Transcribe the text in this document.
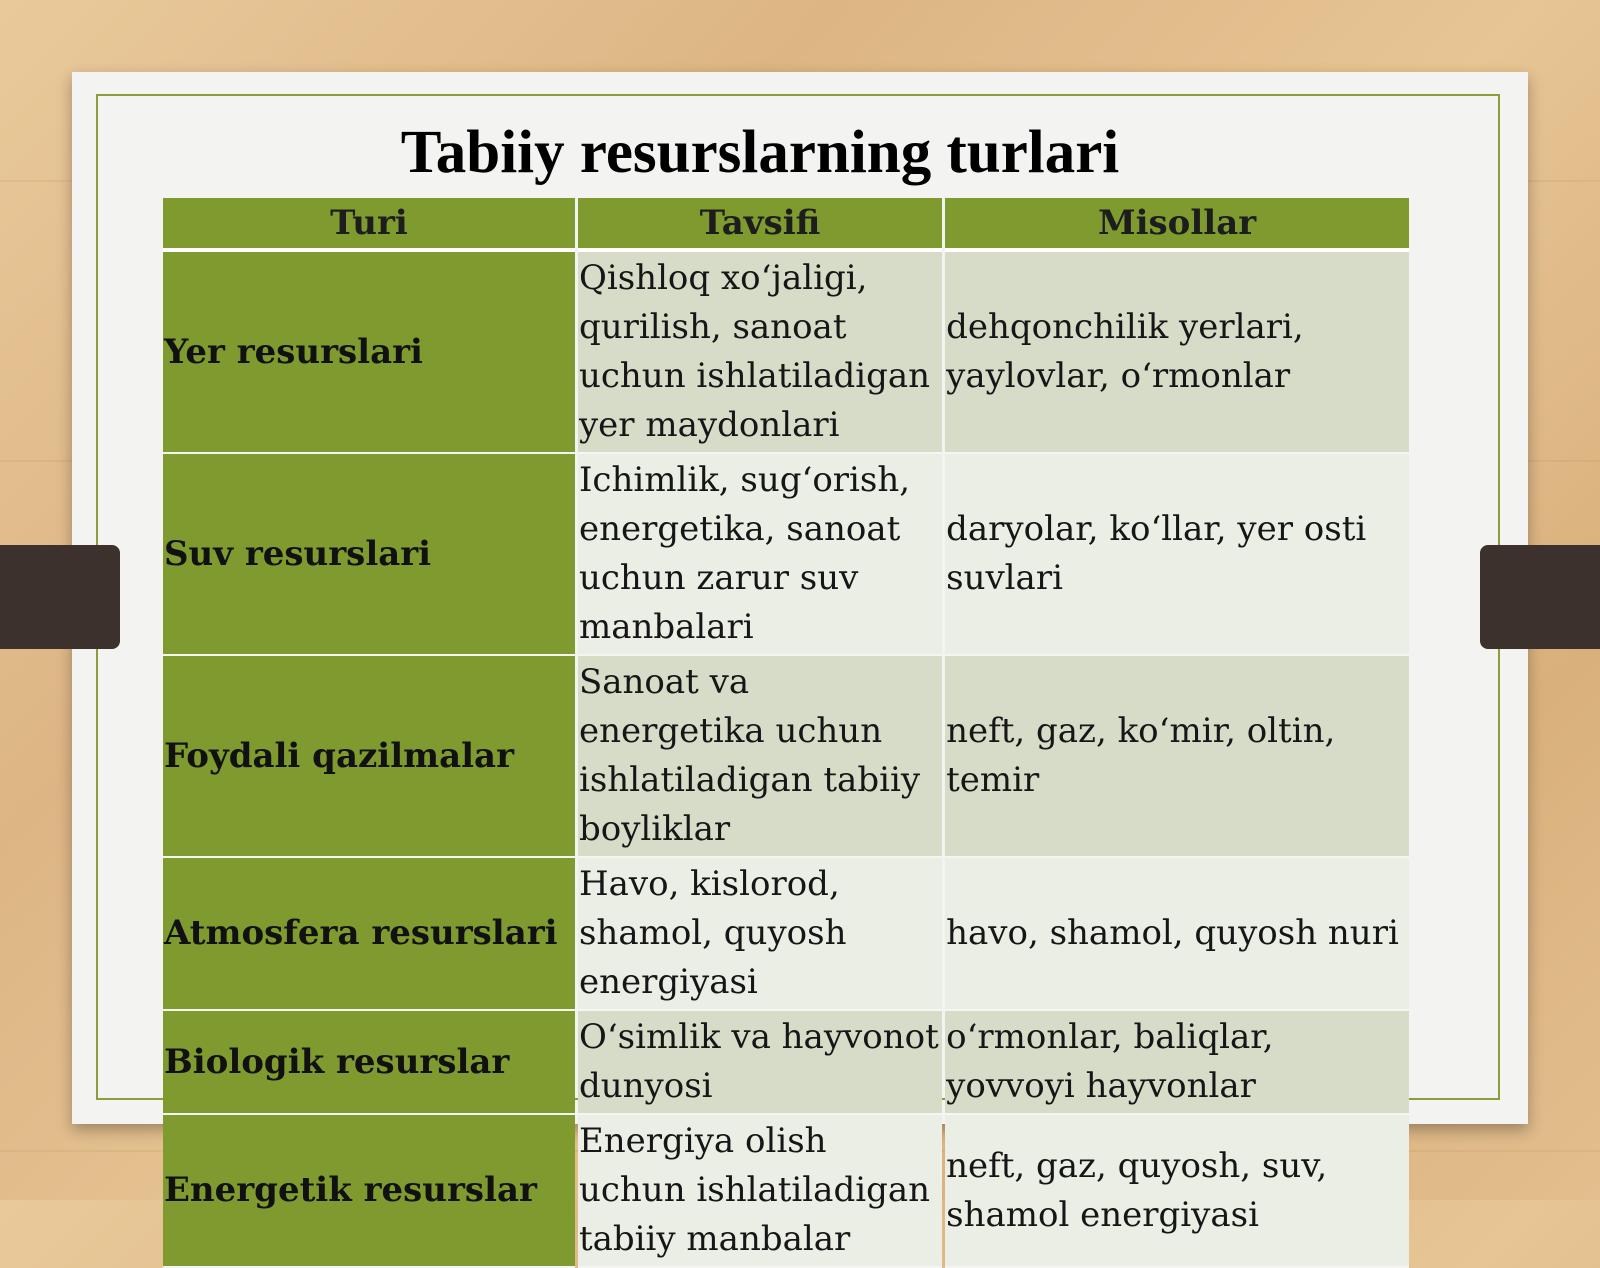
Tabiiy resurslarning turlari
Turi	Tavsifi	Misollar
Yer resurslari	Qishloq xo‘jaligi, qurilish, sanoat uchun ishlatiladigan yer maydonlari	dehqonchilik yerlari, yaylovlar, o‘rmonlar
Suv resurslari	Ichimlik, sug‘orish, energetika, sanoat uchun zarur suv manbalari	daryolar, ko‘llar, yer osti suvlari
Foydali qazilmalar	Sanoat va energetika uchun ishlatiladigan tabiiy boyliklar	neft, gaz, ko‘mir, oltin, temir
Atmosfera resurslari	Havo, kislorod, shamol, quyosh energiyasi	havo, shamol, quyosh nuri
Biologik resurslar	O‘simlik va hayvonot dunyosi	o‘rmonlar, baliqlar, yovvoyi hayvonlar
Energetik resurslar	Energiya olish uchun ishlatiladigan tabiiy manbalar	neft, gaz, quyosh, suv, shamol energiyasi
